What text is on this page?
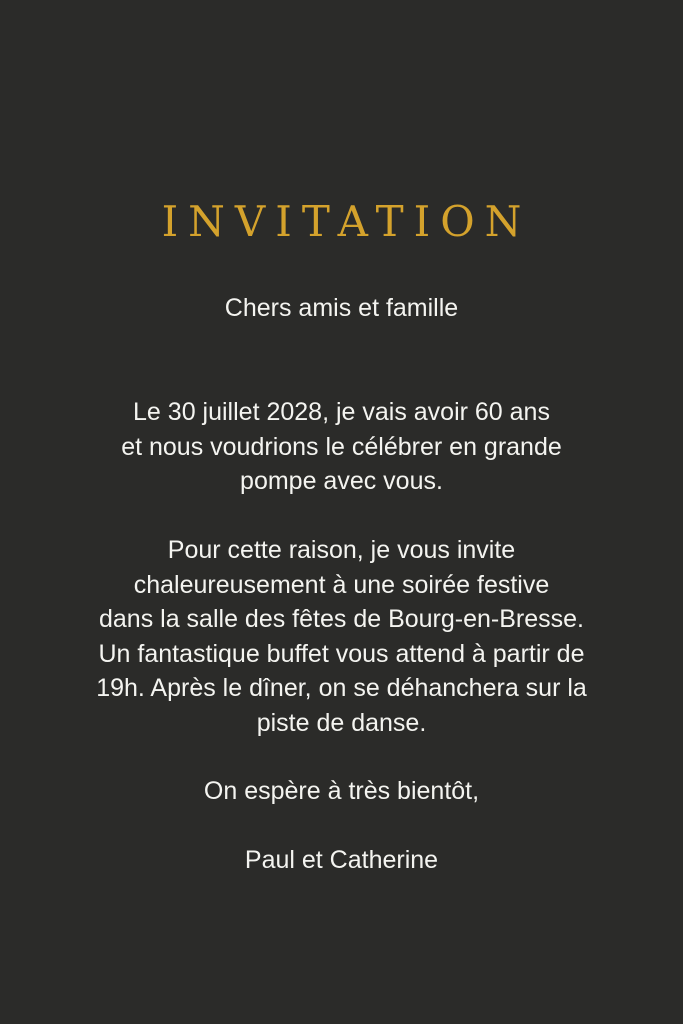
INVITATION
Chers amis et famille
Le 30 juillet 2028, je vais avoir 60 ans
et nous voudrions le célébrer en grande
pompe avec vous.
Pour cette raison, je vous invite
chaleureusement à une soirée festive
dans la salle des fêtes de Bourg-en-Bresse.
Un fantastique buffet vous attend à partir de
19h. Après le dîner, on se déhanchera sur la
piste de danse.
On espère à très bientôt,
Paul et Catherine
